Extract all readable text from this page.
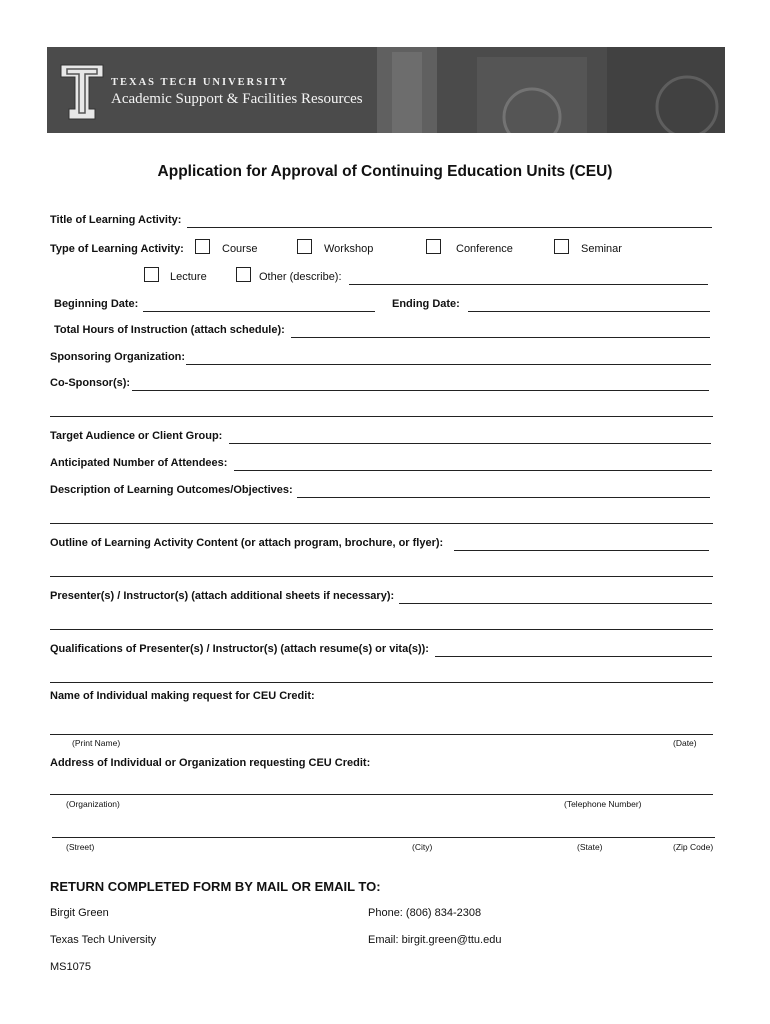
TEXAS TECH UNIVERSITY
Academic Support & Facilities Resources
Application for Approval of Continuing Education Units (CEU)
Title of Learning Activity:
Type of Learning Activity:	Course	Workshop	Conference	Seminar
Lecture	Other (describe):
Beginning Date:	Ending Date:
Total Hours of Instruction (attach schedule):
Sponsoring Organization:
Co-Sponsor(s):
Target Audience or Client Group:
Anticipated Number of Attendees:
Description of Learning Outcomes/Objectives:
Outline of Learning Activity Content (or attach program, brochure, or flyer):
Presenter(s) / Instructor(s) (attach additional sheets if necessary):
Qualifications of Presenter(s) / Instructor(s) (attach resume(s) or vita(s)):
Name of Individual making request for CEU Credit:
(Print Name)	(Date)
Address of Individual or Organization requesting CEU Credit:
(Organization)	(Telephone Number)
(Street)	(City)	(State)	(Zip Code)
RETURN COMPLETED FORM BY MAIL OR EMAIL TO:
Birgit Green	Phone: (806) 834-2308
Texas Tech University	Email: birgit.green@ttu.edu
MS1075
